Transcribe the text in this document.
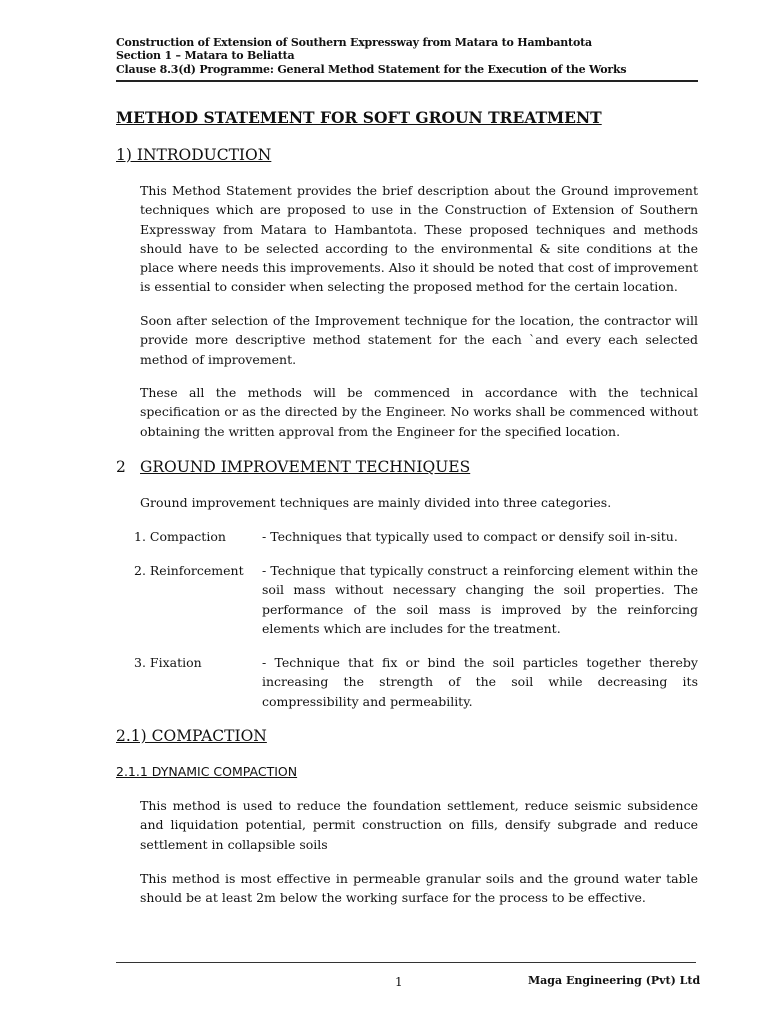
Construction of Extension of Southern Expressway from Matara to Hambantota
Section 1 – Matara to Beliatta
Clause 8.3(d) Programme: General Method Statement for the Execution of the Works
METHOD STATEMENT FOR SOFT GROUN TREATMENT
1) INTRODUCTION

This Method Statement provides the brief description about the Ground improvement techniques which are proposed to use in the Construction of Extension of Southern Expressway from Matara to Hambantota. These proposed techniques and methods should have to be selected according to the environmental & site conditions at the place where needs this improvements. Also it should be noted that cost of improvement is essential to consider when selecting the proposed method for the certain location.

Soon after selection of the Improvement technique for the location, the contractor will provide more descriptive method statement for the each `and every each selected method of improvement.

These all the methods will be commenced in accordance with the technical specification or as the directed by the Engineer. No works shall be commenced without obtaining the written approval from the Engineer for the specified location.

2 GROUND IMPROVEMENT TECHNIQUES

Ground improvement techniques are mainly divided into three categories.

1. Compaction	- Techniques that typically used to compact or densify soil in-situ.
2. Reinforcement - Technique that typically construct a reinforcing element within the soil mass without necessary changing the soil properties. The performance of the soil mass is improved by the reinforcing elements which are includes for the treatment.
3. Fixation	- Technique that fix or bind the soil particles together thereby increasing the strength of the soil while decreasing its compressibility and permeability.
2.1) COMPACTION
2.1.1 DYNAMIC COMPACTION

This method is used to reduce the foundation settlement, reduce seismic subsidence and liquidation potential, permit construction on fills, densify subgrade and reduce settlement in collapsible soils

This method is most effective in permeable granular soils and the ground water table should be at least 2m below the working surface for the process to be effective.

1	Maga Engineering (Pvt) Ltd
